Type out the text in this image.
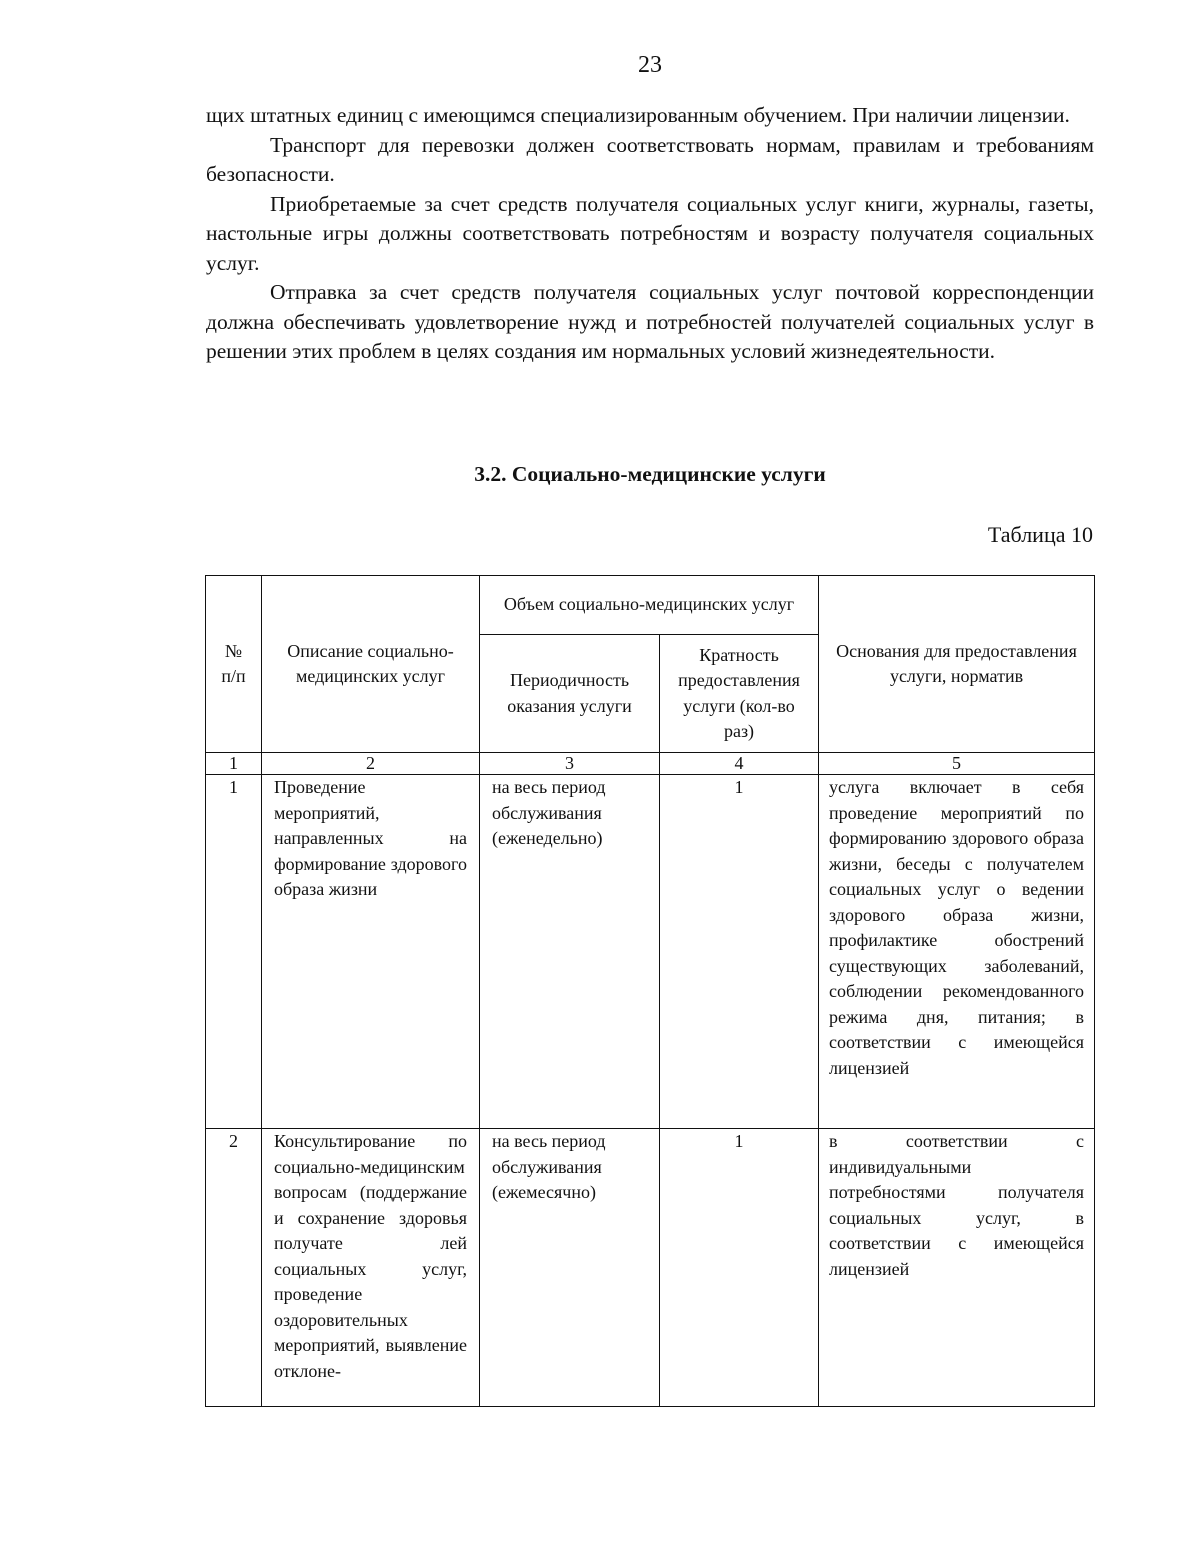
23

щих штатных единиц с имеющимся специализированным обучением. При наличии лицензии.

Транспорт для перевозки должен соответствовать нормам, правилам и требованиям безопасности.

Приобретаемые за счет средств получателя социальных услуг книги, журналы, газеты, настольные игры должны соответствовать потребностям и возрасту получателя социальных услуг.

Отправка за счет средств получателя социальных услуг почтовой корреспонденции должна обеспечивать удовлетворение нужд и потребностей получателей социальных услуг в решении этих проблем в целях создания им нормальных условий жизнедеятельности.

3.2. Социально-медицинские услуги
Таблица 10
№ п/п	Описание социально-медицинских услуг	Объем социально-медицинских услуг		Основания для предоставления услуги, норматив
		Периодичность оказания услуги	Кратность предоставления услуги (кол-во раз)	
1	2	3	4	5
1	Проведение мероприятий, направленных на формирование здорового образа жизни	на весь период обслуживания (еженедельно)	1	услуга включает в себя проведение мероприятий по формированию здорового образа жизни, беседы с получателем социальных услуг о ведении здорового образа жизни, профилактике обострений существующих заболеваний, соблюдении рекомендованного режима дня, питания; в соответствии с имеющейся лицензией
2	Консультирование по социально-медицинским вопросам (поддержание и сохранение здоровья получате лей социальных услуг, проведение оздоровительных мероприятий, выявление отклоне-	на весь период обслуживания (ежемесячно)	1	в соответствии с индивидуальными потребностями получателя социальных услуг, в соответствии с имеющейся лицензией
